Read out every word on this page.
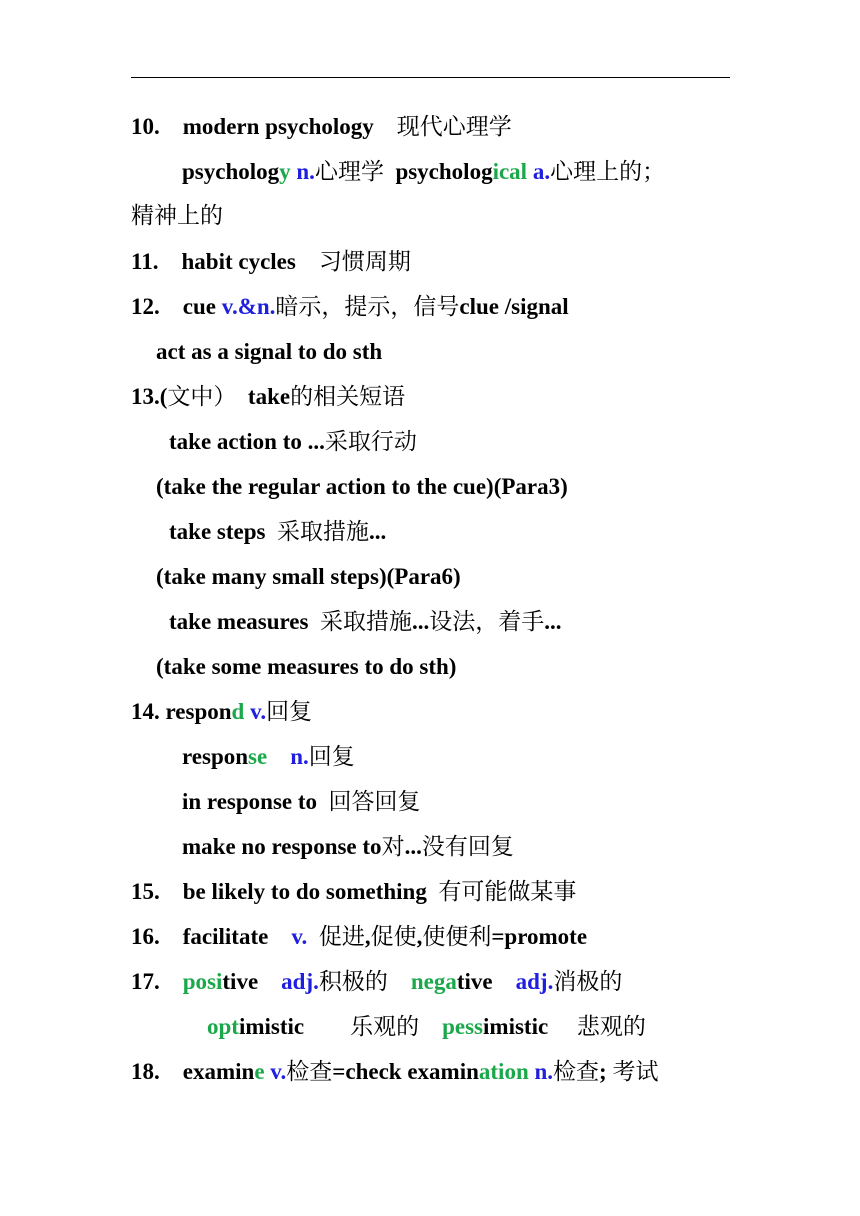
10.    modern psychology    现代心理学
psychology n.心理学  psychological a.心理上的；
精神上的
11.    habit cycles    习惯周期
12.    cue v.&n.暗示，提示，信号clue /signal
act as a signal to do sth
13.(文中）  take的相关短语
take action to ...采取行动
(take the regular action to the cue)(Para3)
take steps  采取措施...
(take many small steps)(Para6)
take measures  采取措施...设法，着手...
(take some measures to do sth)
14. respond v.回复
response n.回复
in response to  回答回复
make no response to对...没有回复
15.    be likely to do something  有可能做某事
16.    facilitate    v. 促进,促使,使便利=promote
17.    positive    adj.积极的 negative    adj.消极的
optimistic        乐观的 pessimistic     悲观的
18.    examine v.检查=check examination n.检查; 考试
